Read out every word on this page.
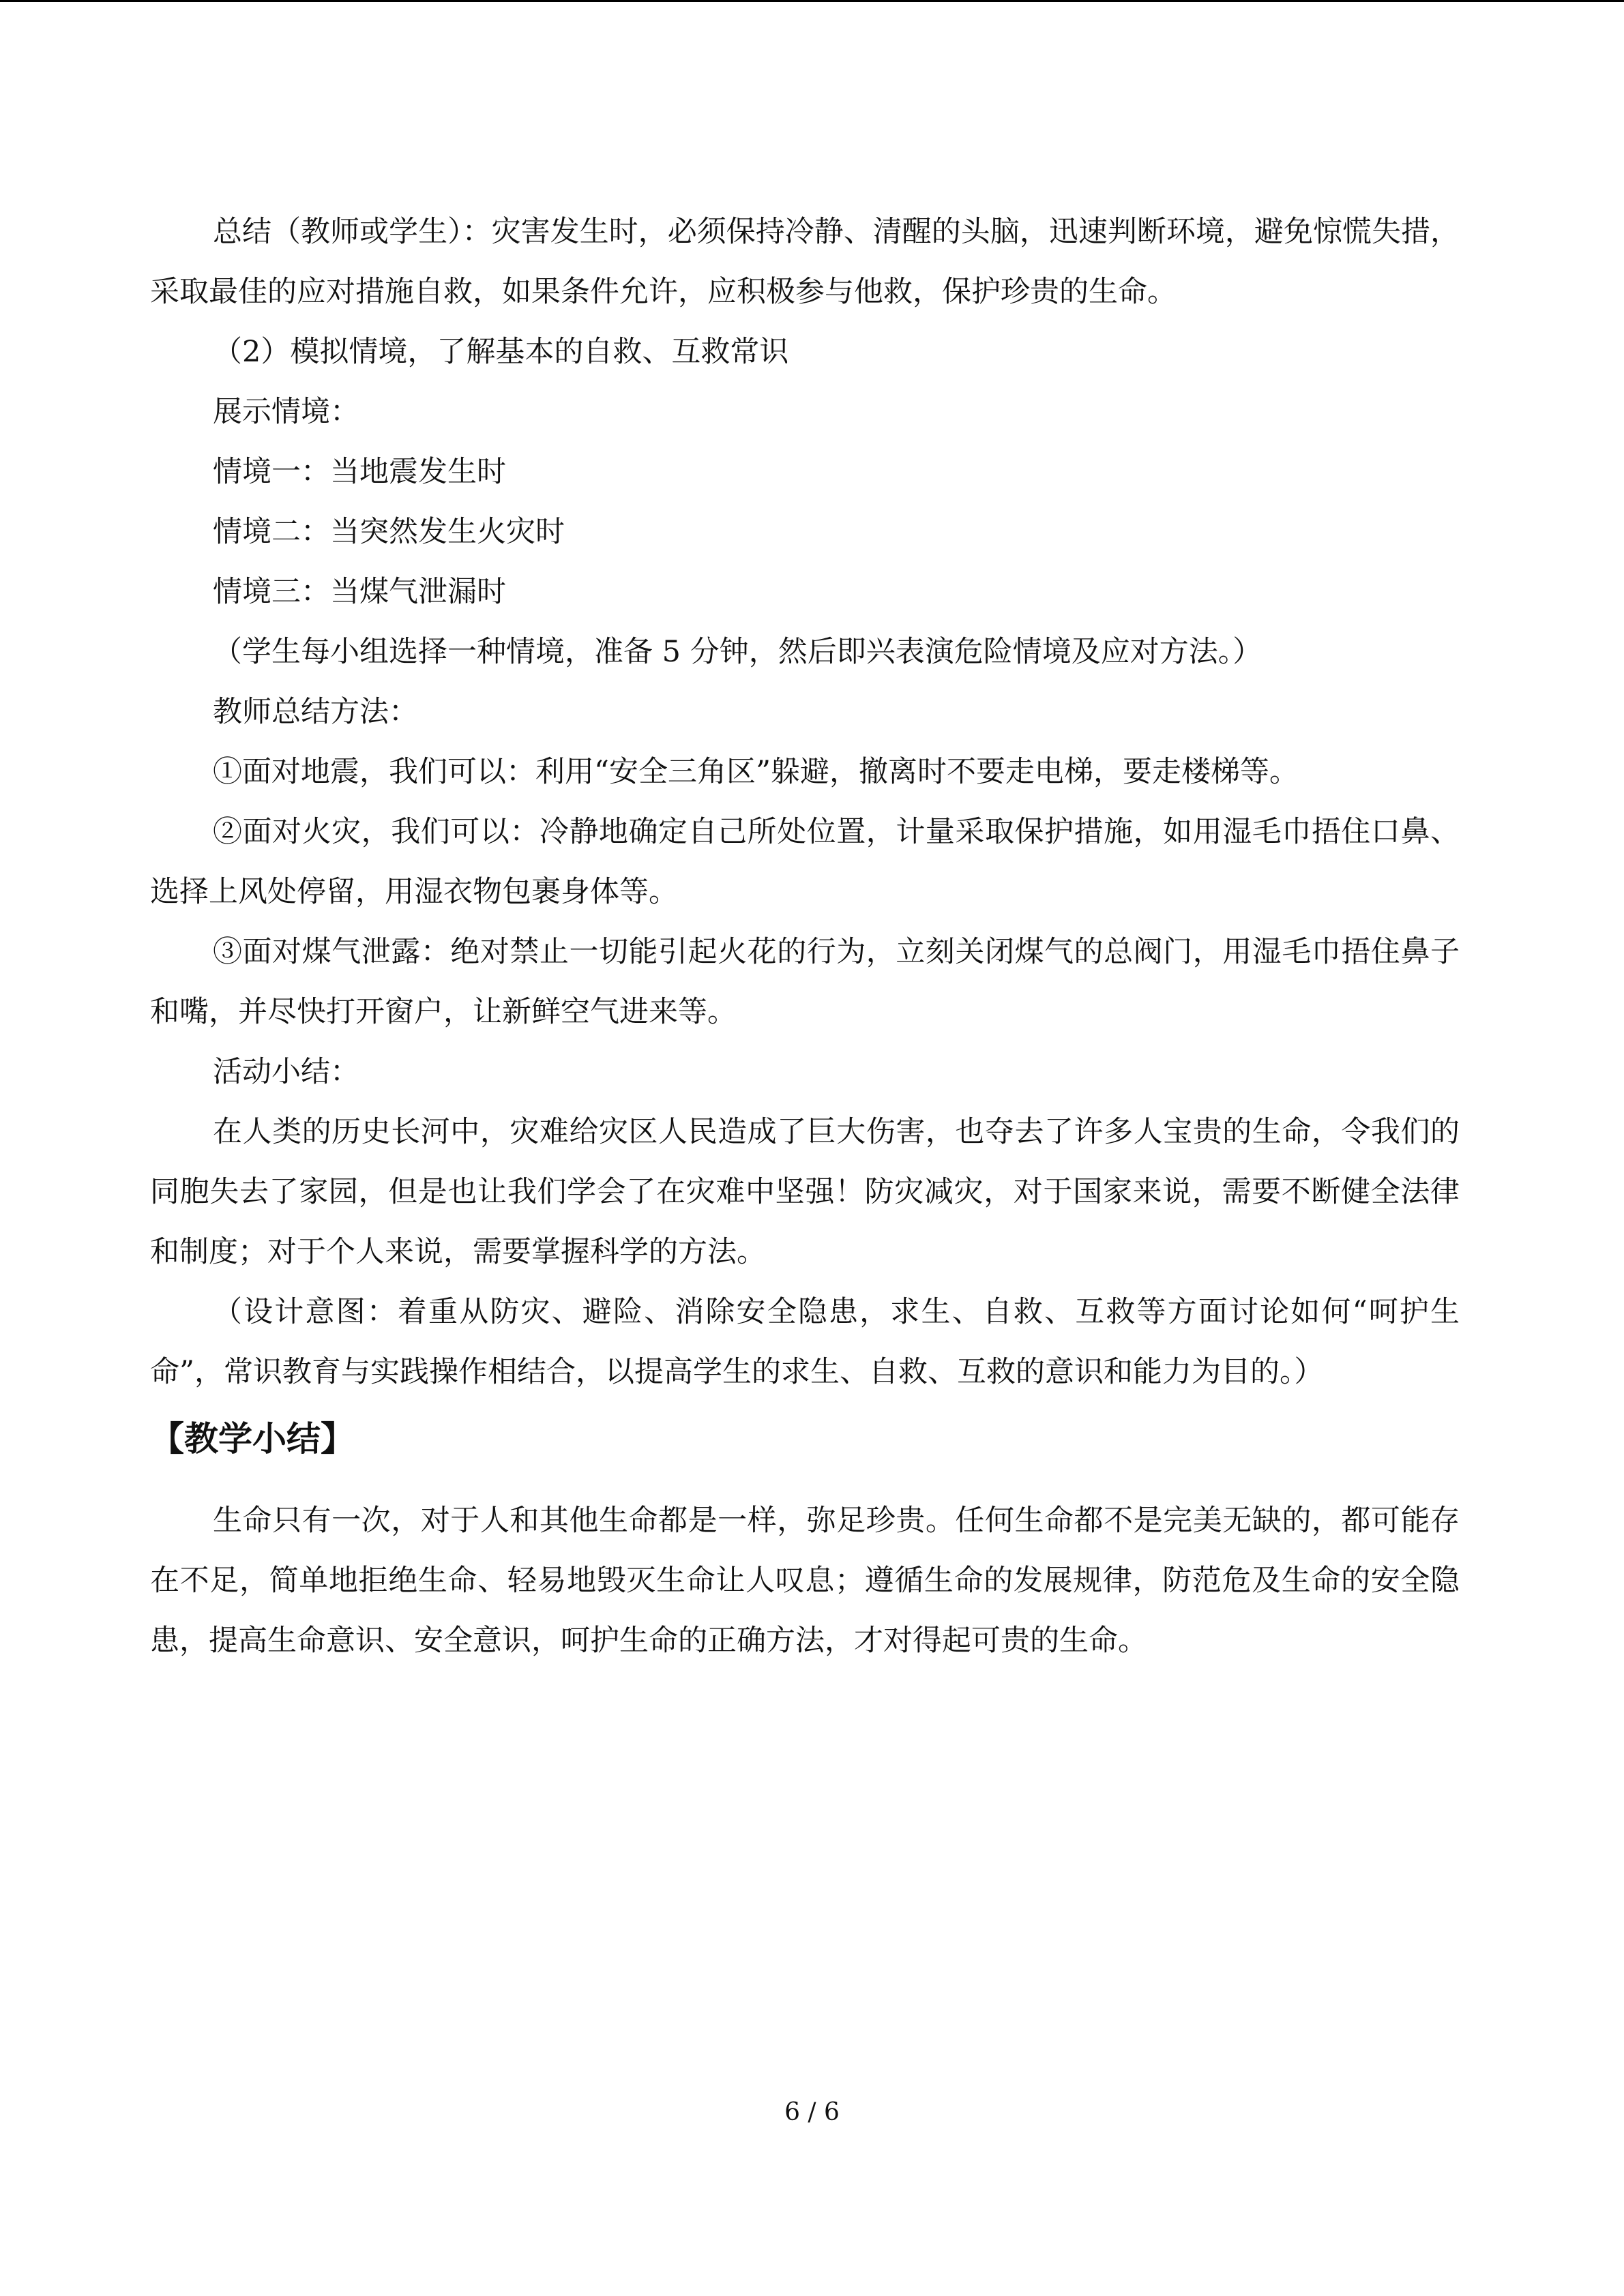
总结（教师或学生）：灾害发生时，必须保持冷静、清醒的头脑，迅速判断环境，避免惊慌失措，采取最佳的应对措施自救，如果条件允许，应积极参与他救，保护珍贵的生命。

（2）模拟情境，了解基本的自救、互救常识

展示情境：

情境一：当地震发生时

情境二：当突然发生火灾时

情境三：当煤气泄漏时

（学生每小组选择一种情境，准备 5 分钟，然后即兴表演危险情境及应对方法。）

教师总结方法：

①面对地震，我们可以：利用“安全三角区”躲避，撤离时不要走电梯，要走楼梯等。

②面对火灾，我们可以：冷静地确定自己所处位置，计量采取保护措施，如用湿毛巾捂住口鼻、选择上风处停留，用湿衣物包裹身体等。

③面对煤气泄露：绝对禁止一切能引起火花的行为，立刻关闭煤气的总阀门，用湿毛巾捂住鼻子和嘴，并尽快打开窗户，让新鲜空气进来等。

活动小结：

在人类的历史长河中，灾难给灾区人民造成了巨大伤害，也夺去了许多人宝贵的生命，令我们的同胞失去了家园，但是也让我们学会了在灾难中坚强！防灾减灾，对于国家来说，需要不断健全法律和制度；对于个人来说，需要掌握科学的方法。

（设计意图：着重从防灾、避险、消除安全隐患，求生、自救、互救等方面讨论如何“呵护生命”，常识教育与实践操作相结合，以提高学生的求生、自救、互救的意识和能力为目的。）

【教学小结】

生命只有一次，对于人和其他生命都是一样，弥足珍贵。任何生命都不是完美无缺的，都可能存在不足，简单地拒绝生命、轻易地毁灭生命让人叹息；遵循生命的发展规律，防范危及生命的安全隐患，提高生命意识、安全意识，呵护生命的正确方法，才对得起可贵的生命。

6 / 6
